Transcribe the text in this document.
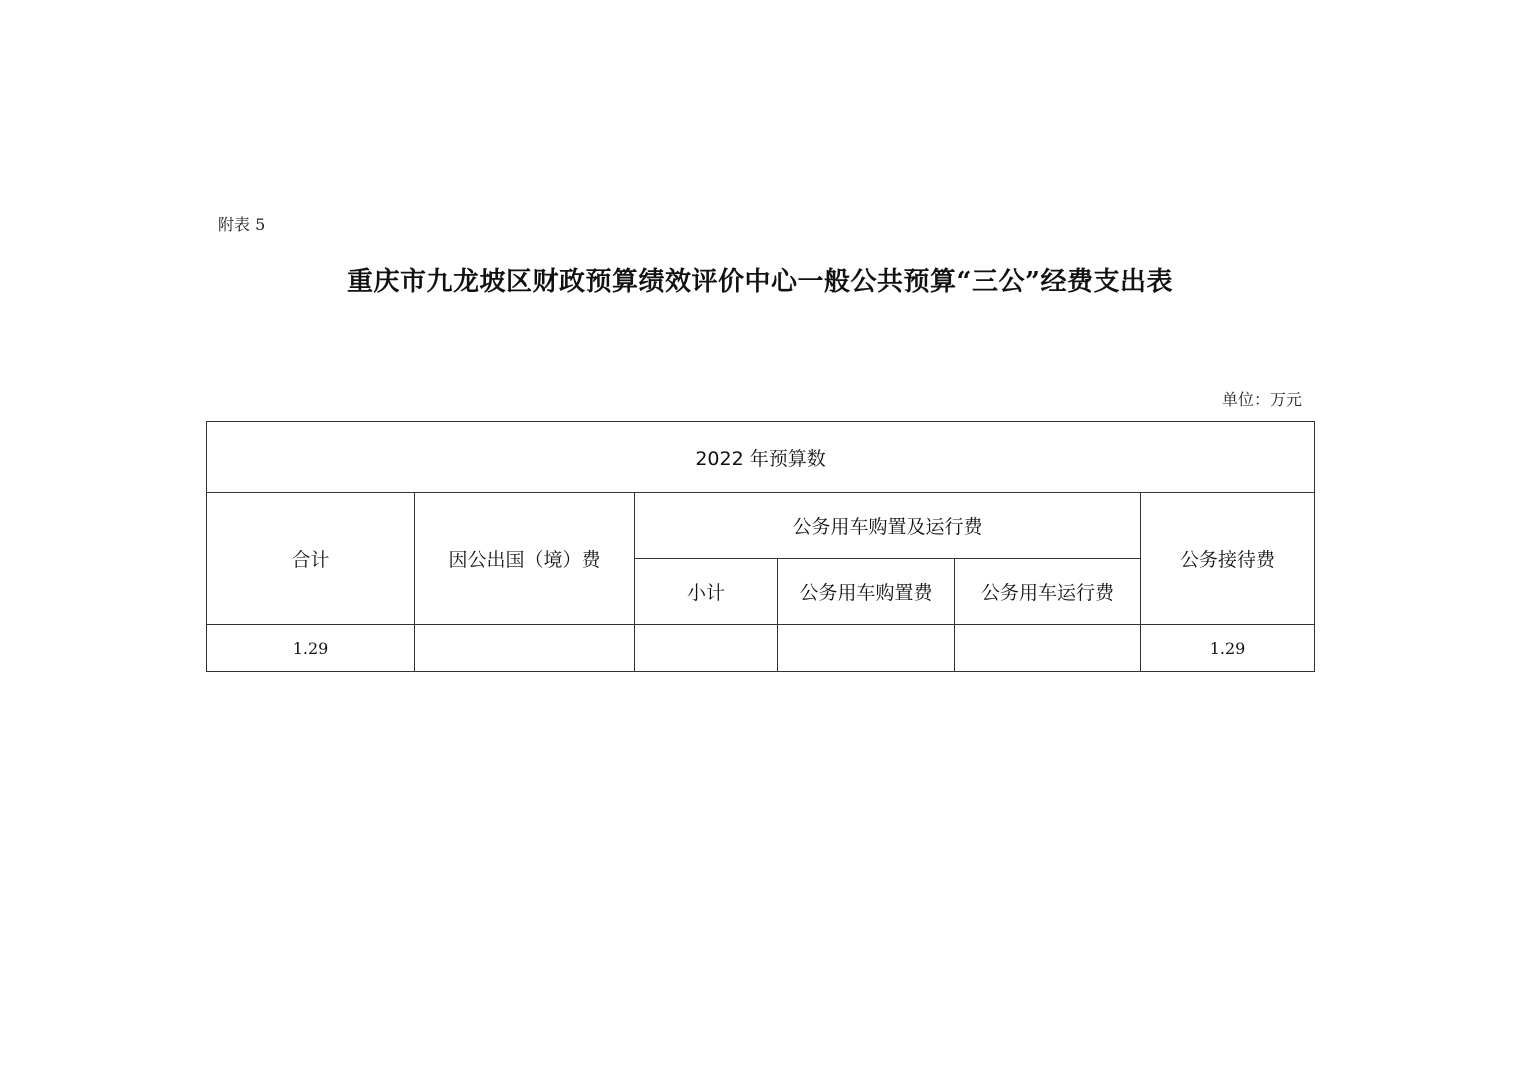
附表 5
重庆市九龙坡区财政预算绩效评价中心一般公共预算“三公”经费支出表
单位：万元
2022 年预算数					
合计	因公出国（境）费	公务用车购置及运行费			公务接待费
		小计	公务用车购置费	公务用车运行费	
1.29					1.29
